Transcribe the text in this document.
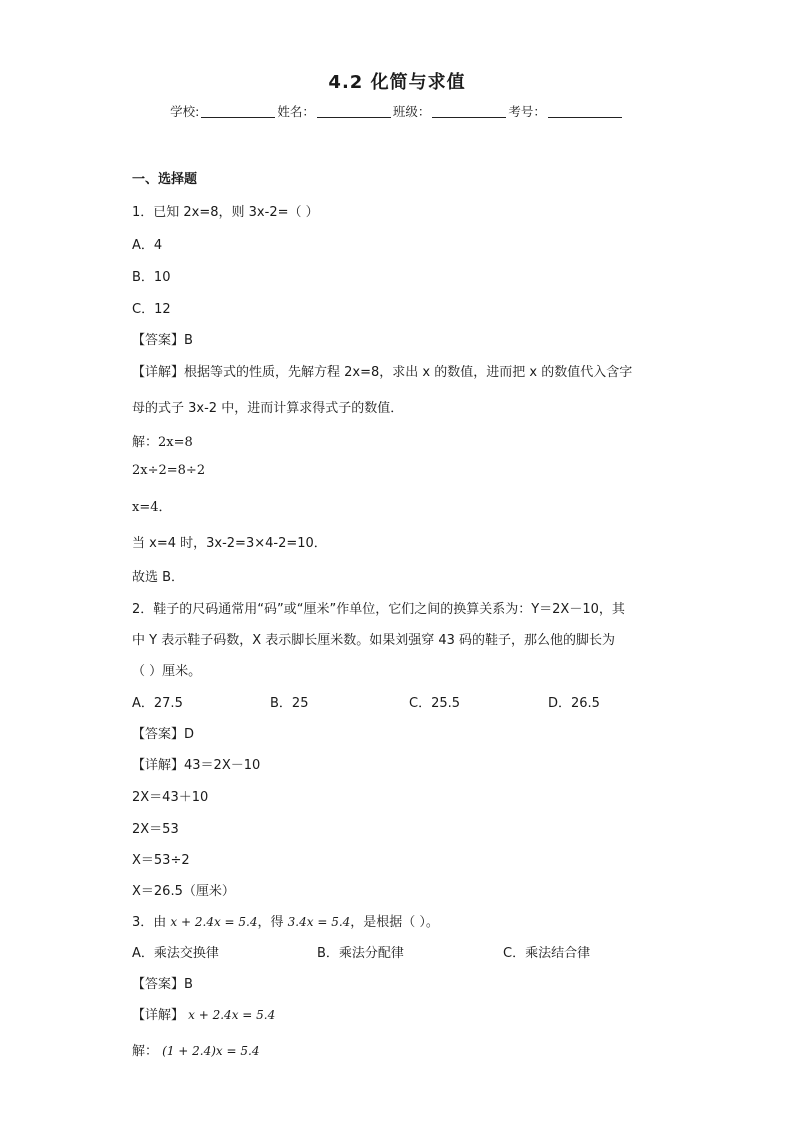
4.2 化简与求值
学校:	姓名：	班级：	考号：
一、选择题
1．已知 2x=8，则 3x-2=（ ）
A．4
B．10
C．12
【答案】B
【详解】根据等式的性质，先解方程 2x=8，求出 x 的数值，进而把 x 的数值代入含字
母的式子 3x-2 中，进而计算求得式子的数值．
解：2x=8
2x÷2=8÷2
x=4．
当 x=4 时，3x-2=3×4-2=10．
故选 B．
2．鞋子的尺码通常用“码”或“厘米”作单位，它们之间的换算关系为：Y＝2X－10，其
中 Y 表示鞋子码数，X 表示脚长厘米数。如果刘强穿 43 码的鞋子，那么他的脚长为
（ ）厘米。
A．27.5	B．25	C．25.5	D．26.5
【答案】D
【详解】43＝2X－10
2X＝43＋10
2X＝53
X＝53÷2
X＝26.5（厘米）
3．由 x + 2.4x = 5.4，得 3.4x = 5.4，是根据（ ）。
A．乘法交换律	B．乘法分配律	C．乘法结合律
【答案】B
【详解】 x + 2.4x = 5.4
解： (1 + 2.4)x = 5.4
